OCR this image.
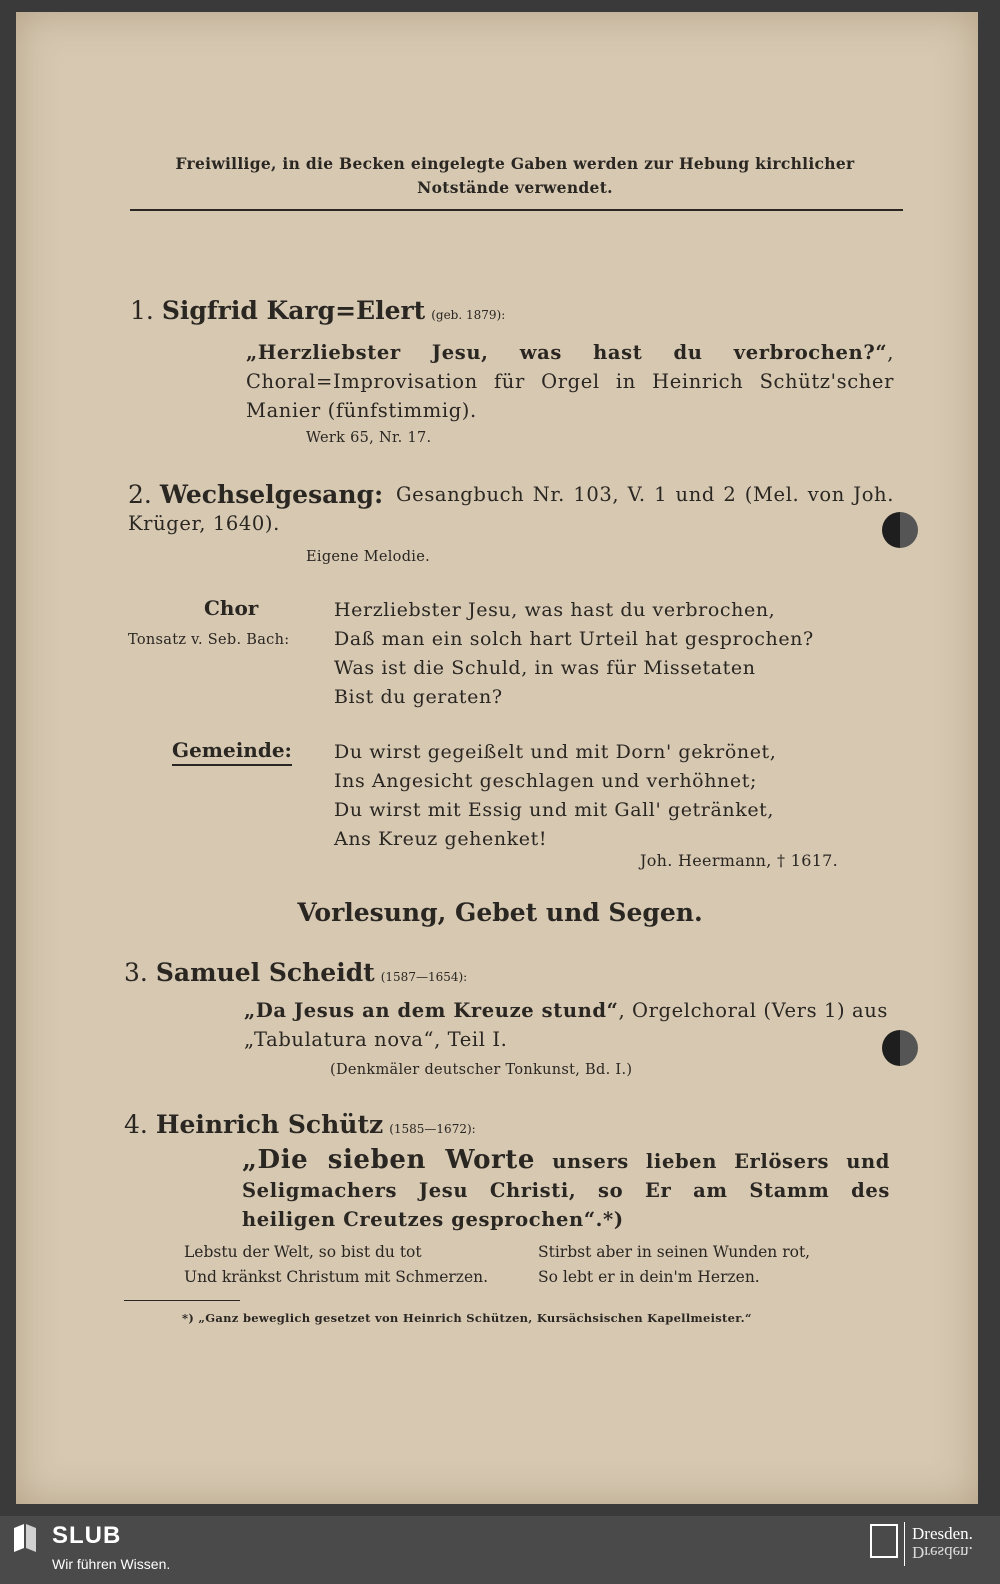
Freiwillige, in die Becken eingelegte Gaben werden zur Hebung kirchlicher Notstände verwendet.
1. Sigfrid Karg=Elert (geb. 1879):
„Herzliebster Jesu, was hast du verbrochen?“, Choral=Improvisation für Orgel in Heinrich Schütz'scher Manier (fünfstimmig).
Werk 65, Nr. 17.
2. Wechselgesang: Gesangbuch Nr. 103, V. 1 und 2 (Mel. von Joh. Krüger, 1640).
Eigene Melodie.
Chor
Tonsatz v. Seb. Bach:
Herzliebster Jesu, was hast du verbrochen,
Daß man ein solch hart Urteil hat gesprochen?
Was ist die Schuld, in was für Missetaten
Bist du geraten?
Gemeinde: Du wirst gegeißelt und mit Dorn' gekrönet,
Ins Angesicht geschlagen und verhöhnet;
Du wirst mit Essig und mit Gall' getränket,
Ans Kreuz gehenket!
Joh. Heermann, † 1617.
Vorlesung, Gebet und Segen.
3. Samuel Scheidt (1587—1654):
„Da Jesus an dem Kreuze stund“, Orgelchoral (Vers 1) aus „Tabulatura nova“, Teil I.
(Denkmäler deutscher Tonkunst, Bd. I.)
4. Heinrich Schütz (1585—1672):
„Die sieben Worte unsers lieben Erlösers und Seligmachers Jesu Christi, so Er am Stamm des heiligen Creutzes gesprochen“.*)
Lebstu der Welt, so bist du tot
Und kränkst Christum mit Schmerzen.
Stirbst aber in seinen Wunden rot,
So lebt er in dein'm Herzen.
*) „Ganz beweglich gesetzet von Heinrich Schützen, Kursächsischen Kapellmeister.“
SLUB
Wir führen Wissen.
Dresden.
Dresden.
